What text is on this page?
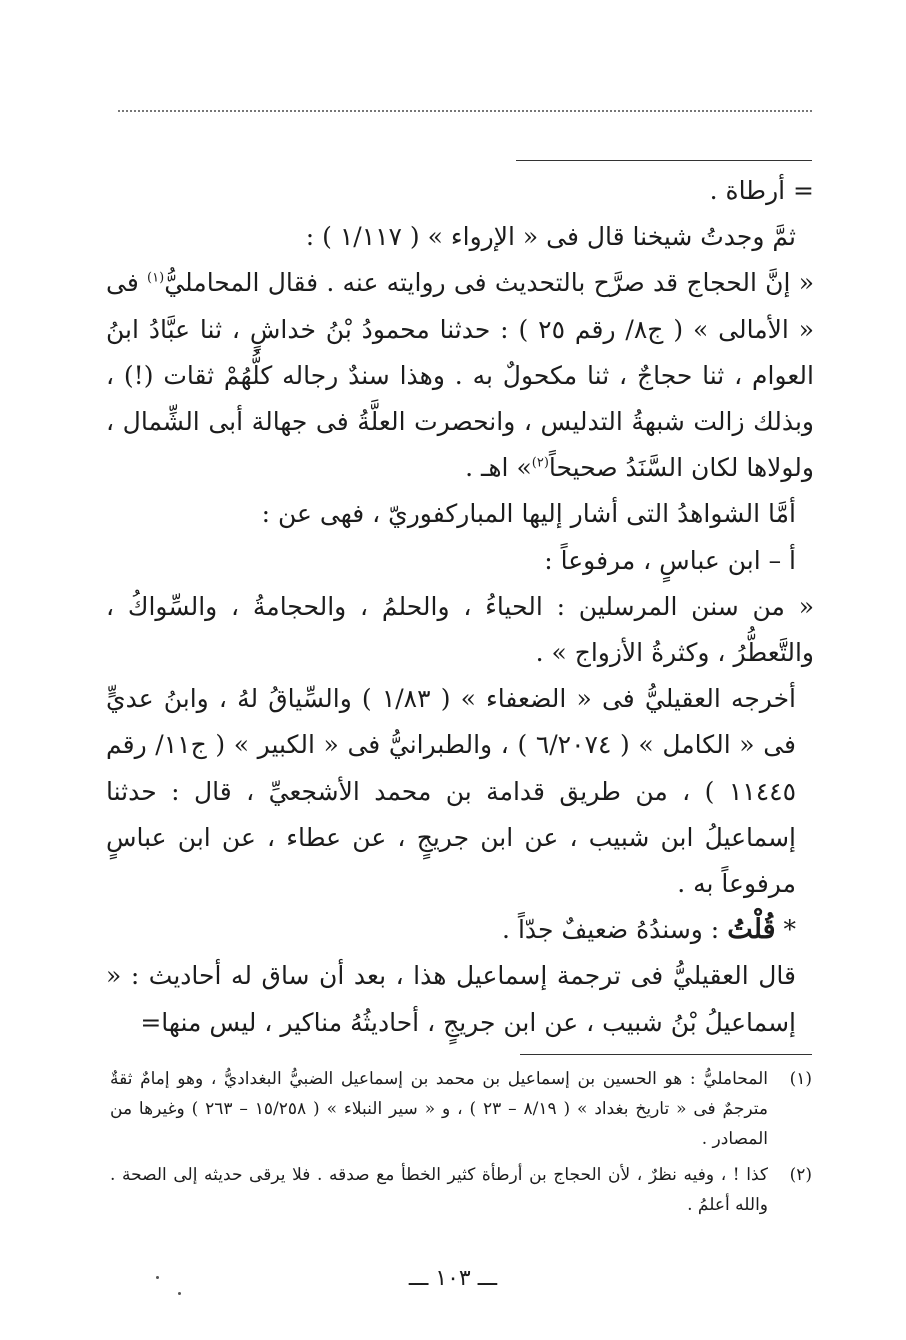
= أرطاة .

ثمَّ وجدتُ شيخنا قال فى « الإرواء » ( ١/١١٧ ) :

« إنَّ الحجاج قد صرَّح بالتحديث فى روايته عنه . فقال المحامليُّ$^{(١)}$ فى « الأمالى » ( ج٨/ رقم ٢٥ ) : حدثنا محمودُ بْنُ خداشٍ ، ثنا عبَّادُ ابنُ العوام ، ثنا حجاجٌ ، ثنا مكحولٌ به . وهذا سندٌ رجاله كلُّهُمْ ثقات (!) ، وبذلك زالت شبهةُ التدليس ، وانحصرت العلَّةُ فى جهالة أبى الشِّمال ، ولولاها لكان السَّنَدُ صحيحاً$^{(٢)}$» اهـ .

أمَّا الشواهدُ التى أشار إليها المباركفوريّ ، فهى عن :

أ – ابن عباسٍ ، مرفوعاً :

« من سنن المرسلين : الحياءُ ، والحلمُ ، والحجامةُ ، والسِّواكُ ، والتَّعطُّرُ ، وكثرةُ الأزواج » .

أخرجه العقيليُّ فى « الضعفاء » ( ١/٨٣ ) والسِّياقُ لهُ ، وابنُ عديٍّ فى « الكامل » ( ٦/٢٠٧٤ ) ، والطبرانيُّ فى « الكبير » ( ج١١/ رقم ١١٤٤٥ ) ، من طريق قدامة بن محمد الأشجعيِّ ، قال : حدثنا إسماعيلُ ابن شبيب ، عن ابن جريجٍ ، عن عطاء ، عن ابن عباسٍ مرفوعاً به .

* قُلْتُ : وسندُهُ ضعيفٌ جدّاً .

قال العقيليُّ فى ترجمة إسماعيل هذا ، بعد أن ساق له أحاديث : « إسماعيلُ بْنُ شبيب ، عن ابن جريجٍ ، أحاديثُهُ مناكير ، ليس منها=

(١)
المحامليُّ : هو الحسين بن إسماعيل بن محمد بن إسماعيل الضبيُّ البغداديُّ ، وهو إمامٌ ثقةٌ مترجمٌ فى « تاريخ بغداد » ( ٨/١٩ – ٢٣ ) ، و « سير النبلاء » ( ١٥/٢٥٨ – ٢٦٣ ) وغيرها من المصادر .
(٢)
كذا ! ، وفيه نظرٌ ، لأن الحجاج بن أرطأة كثير الخطأ مع صدقه . فلا يرقى حديثه إلى الصحة . والله أعلمُ .
ـــ ١٠٣ ـــ
